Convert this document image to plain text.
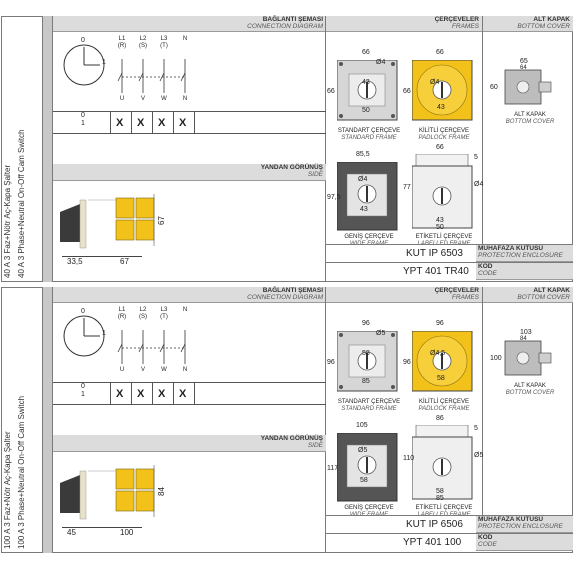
40 A 3 Faz+Nötr Aç-Kapa Şalter 40 A 3 Phase+Neutral On-Off Cam Switch
BAĞLANTI ŞEMASI
CONNECTION DIAGRAM
0
1
L1
(R)
L2
(S)
L3
(T)
N
U	V	W	N
0
1	X X X X
YANDAN GÖRÜNÜŞ
SIDE
33,5	67
67
ÇERÇEVELER
FRAMES
ALT KAPAK
BOTTOM COVER
66
Ø4
66
43
50
STANDART ÇERÇEVE
STANDARD FRAME
66
Ø4
66
43
KİLİTLİ ÇERÇEVE
PADLOCK FRAME
85,5
Ø4
97,5
43
GENİŞ ÇERÇEVE
66
77
5
Ø4
43
50
ETİKETLİ ÇERÇEVE
65
64
60
ALT KAPAK
BOTTOM COVER
KUT IP 6503 MUHAFAZA KUTUSU
PROTECTION ENCLOSURE
YPT 401 TR40 KOD
CODE
100 A 3 Faz+Nötr Aç-Kapa Şalter 100 A 3 Phase+Neutral On-Off Cam Switch
BAĞLANTI ŞEMASI
CONNECTION DIAGRAM
0
1
L1
(R)
L2
(S)
L3
(T)
N
U	V	W	N
0
1	X X X X
YANDAN GÖRÜNÜŞ
SIDE
45	100
84
ÇERÇEVELER
FRAMES
ALT KAPAK
BOTTOM COVER
96
Ø5
96
58
85
STANDART ÇERÇEVE
STANDARD FRAME
96
Ø4,5
96
58
KİLİTLİ ÇERÇEVE
PADLOCK FRAME
105
Ø5
117
58
GENİŞ ÇERÇEVE
86
110
5
Ø5
58
85
ETİKETLİ ÇERÇEVE
103
84
100
ALT KAPAK
BOTTOM COVER
KUT IP 6506 MUHAFAZA KUTUSU
PROTECTION ENCLOSURE
YPT 401 100	KOD
CODE
